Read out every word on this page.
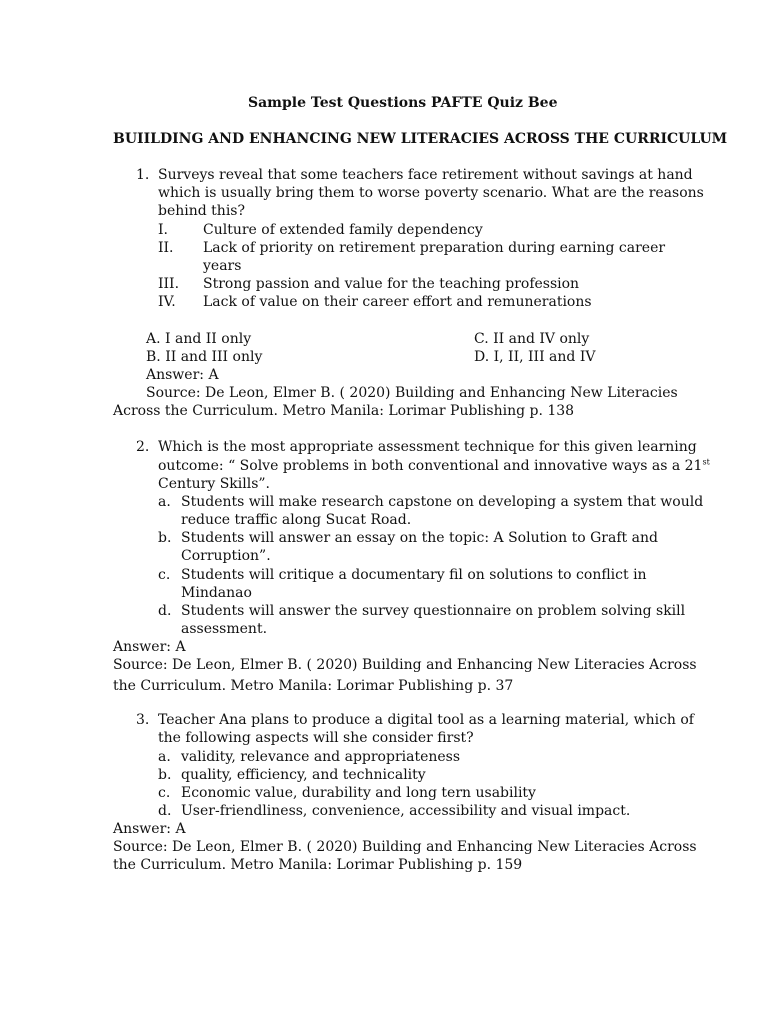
Sample Test Questions PAFTE Quiz Bee
BUIILDING AND ENHANCING NEW LITERACIES ACROSS THE CURRICULUM
1. Surveys reveal that some teachers face retirement without savings at hand
which is usually bring them to worse poverty scenario. What are the reasons
behind this?
I.	Culture of extended family dependency
II. Lack of priority on retirement preparation during earning career
years
III. Strong passion and value for the teaching profession
IV. Lack of value on their career effort and remunerations
A. I and II only	C. II and IV only
B. II and III only	D. I, II, III and IV
Answer: A
Source: De Leon, Elmer B. ( 2020) Building and Enhancing New Literacies
Across the Curriculum. Metro Manila: Lorimar Publishing p. 138
2. Which is the most appropriate assessment technique for this given learning
outcome: “ Solve problems in both conventional and innovative ways as a 21st
Century Skills”.
a. Students will make research capstone on developing a system that would
reduce traffic along Sucat Road.
b. Students will answer an essay on the topic: A Solution to Graft and
Corruption”.
c. Students will critique a documentary fil on solutions to conflict in
Mindanao
d. Students will answer the survey questionnaire on problem solving skill
assessment.
Answer: A
Source: De Leon, Elmer B. ( 2020) Building and Enhancing New Literacies Across
the Curriculum. Metro Manila: Lorimar Publishing p. 37
3. Teacher Ana plans to produce a digital tool as a learning material, which of
the following aspects will she consider first?
a. validity, relevance and appropriateness
b. quality, efficiency, and technicality
c. Economic value, durability and long tern usability
d. User-friendliness, convenience, accessibility and visual impact.
Answer: A
Source: De Leon, Elmer B. ( 2020) Building and Enhancing New Literacies Across
the Curriculum. Metro Manila: Lorimar Publishing p. 159
